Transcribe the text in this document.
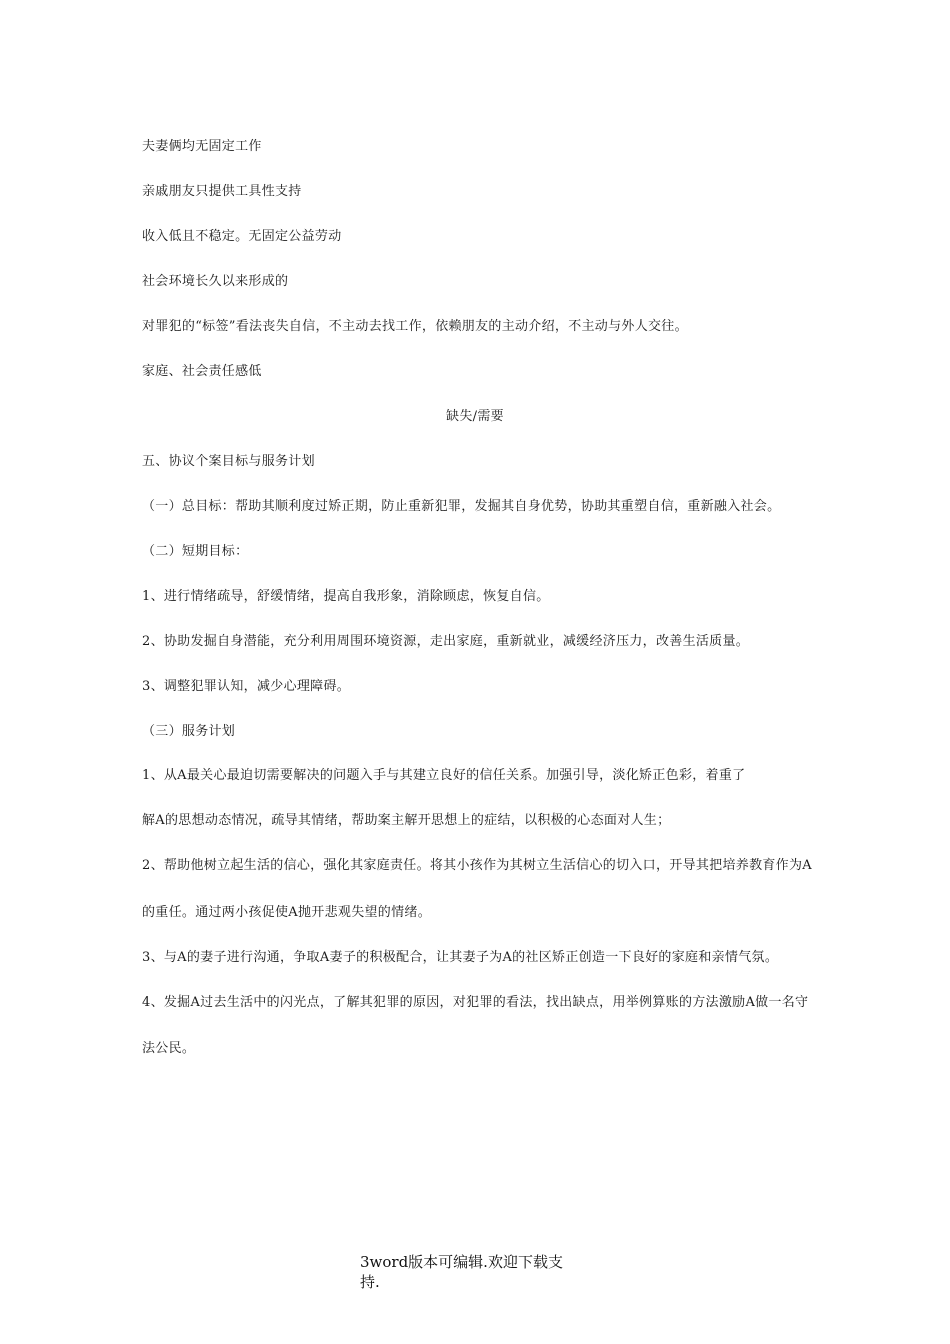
夫妻俩均无固定工作
亲戚朋友只提供工具性支持
收入低且不稳定。无固定公益劳动
社会环境长久以来形成的
对罪犯的“标签”看法丧失自信，不主动去找工作，依赖朋友的主动介绍，不主动与外人交往。
家庭、社会责任感低
缺失/需要
五、协议个案目标与服务计划
（一）总目标：帮助其顺利度过矫正期，防止重新犯罪，发掘其自身优势，协助其重塑自信，重新融入社会。
（二）短期目标：
1、进行情绪疏导，舒缓情绪，提高自我形象，消除顾虑，恢复自信。
2、协助发掘自身潜能，充分利用周围环境资源，走出家庭，重新就业，减缓经济压力，改善生活质量。
3、调整犯罪认知，减少心理障碍。
（三）服务计划
1、从A最关心最迫切需要解决的问题入手与其建立良好的信任关系。加强引导，淡化矫正色彩，着重了
解A的思想动态情况，疏导其情绪，帮助案主解开思想上的症结，以积极的心态面对人生；
2、帮助他树立起生活的信心，强化其家庭责任。将其小孩作为其树立生活信心的切入口，开导其把培养教育作为A
的重任。通过两小孩促使A抛开悲观失望的情绪。
3、与A的妻子进行沟通，争取A妻子的积极配合，让其妻子为A的社区矫正创造一下良好的家庭和亲情气氛。
4、发掘A过去生活中的闪光点，了解其犯罪的原因，对犯罪的看法，找出缺点，用举例算账的方法激励A做一名守
法公民。
3word版本可编辑.欢迎下载支
持.
